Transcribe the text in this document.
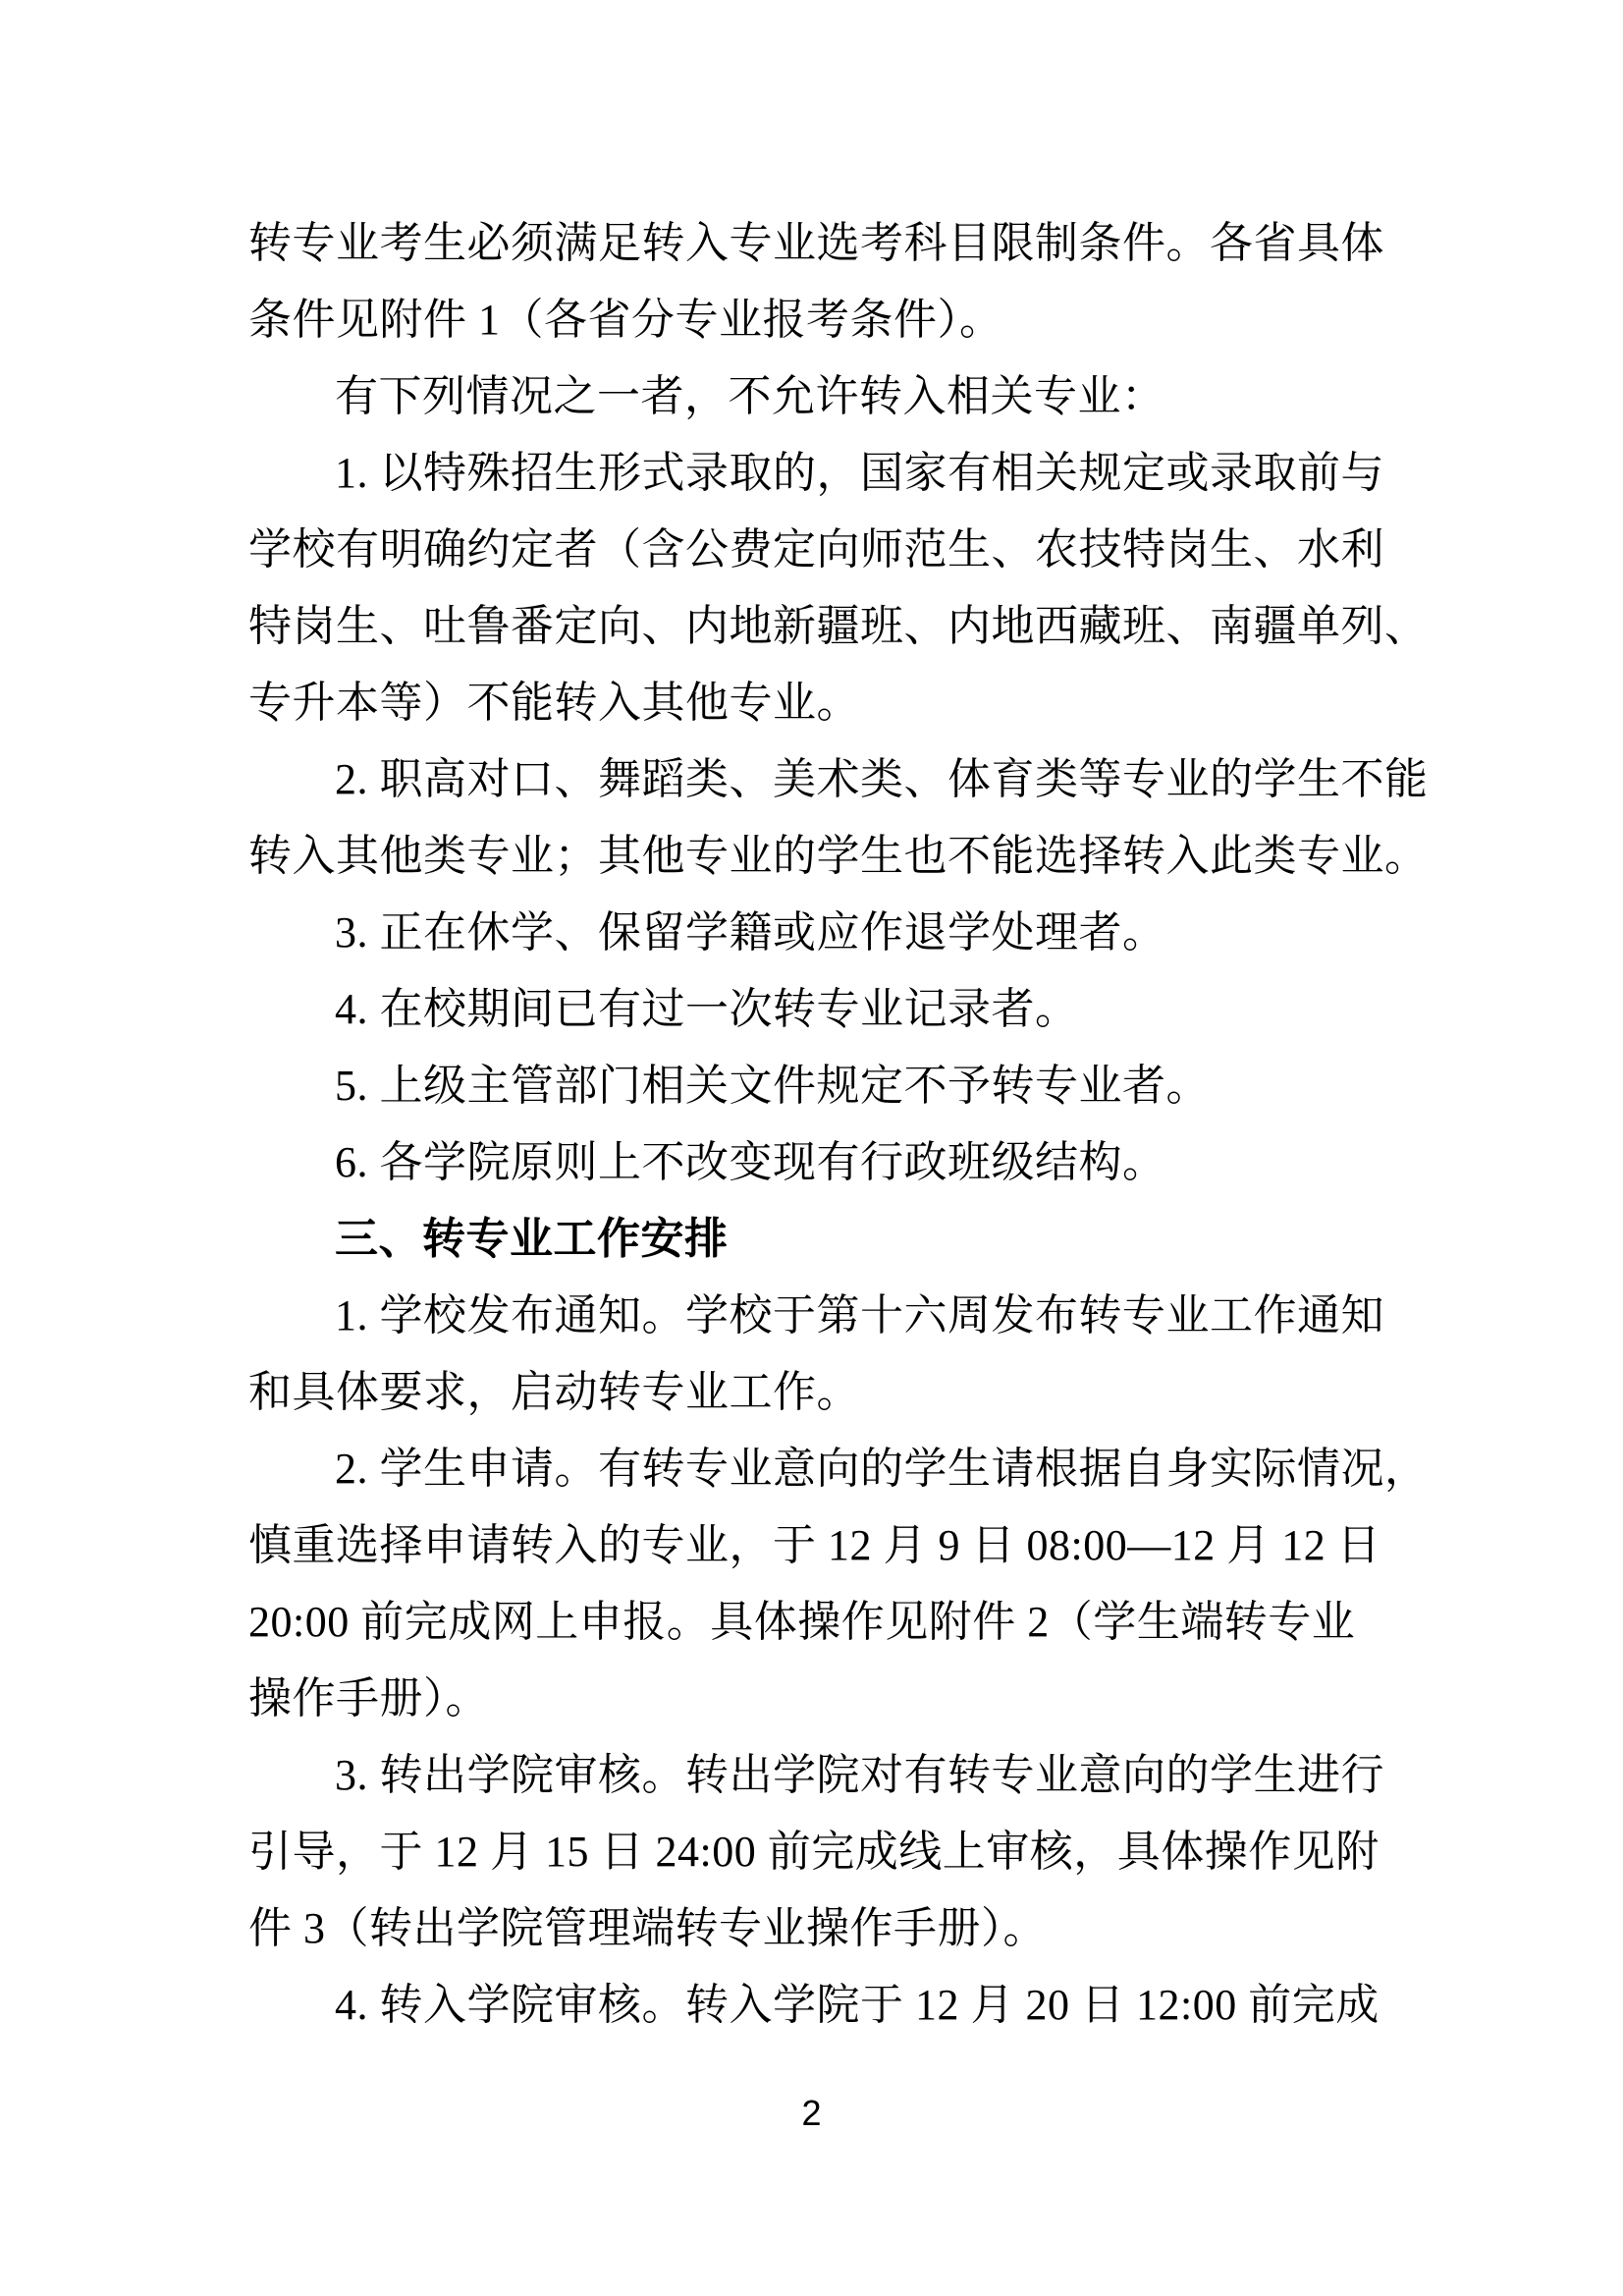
转专业考生必须满足转入专业选考科目限制条件。各省具体
条件见附件 1（各省分专业报考条件）。
有下列情况之一者，不允许转入相关专业：
1. 以特殊招生形式录取的，国家有相关规定或录取前与
学校有明确约定者（含公费定向师范生、农技特岗生、水利
特岗生、吐鲁番定向、内地新疆班、内地西藏班、南疆单列、
专升本等）不能转入其他专业。
2. 职高对口、舞蹈类、美术类、体育类等专业的学生不能
转入其他类专业；其他专业的学生也不能选择转入此类专业。
3. 正在休学、保留学籍或应作退学处理者。
4. 在校期间已有过一次转专业记录者。
5. 上级主管部门相关文件规定不予转专业者。
6. 各学院原则上不改变现有行政班级结构。
三、转专业工作安排
1. 学校发布通知。学校于第十六周发布转专业工作通知
和具体要求，启动转专业工作。
2. 学生申请。有转专业意向的学生请根据自身实际情况，
慎重选择申请转入的专业，于 12 月 9 日 08:00—12 月 12 日
20:00 前完成网上申报。具体操作见附件 2（学生端转专业
操作手册）。
3. 转出学院审核。转出学院对有转专业意向的学生进行
引导，于 12 月 15 日 24:00 前完成线上审核，具体操作见附
件 3（转出学院管理端转专业操作手册）。
4. 转入学院审核。转入学院于 12 月 20 日 12:00 前完成
2
